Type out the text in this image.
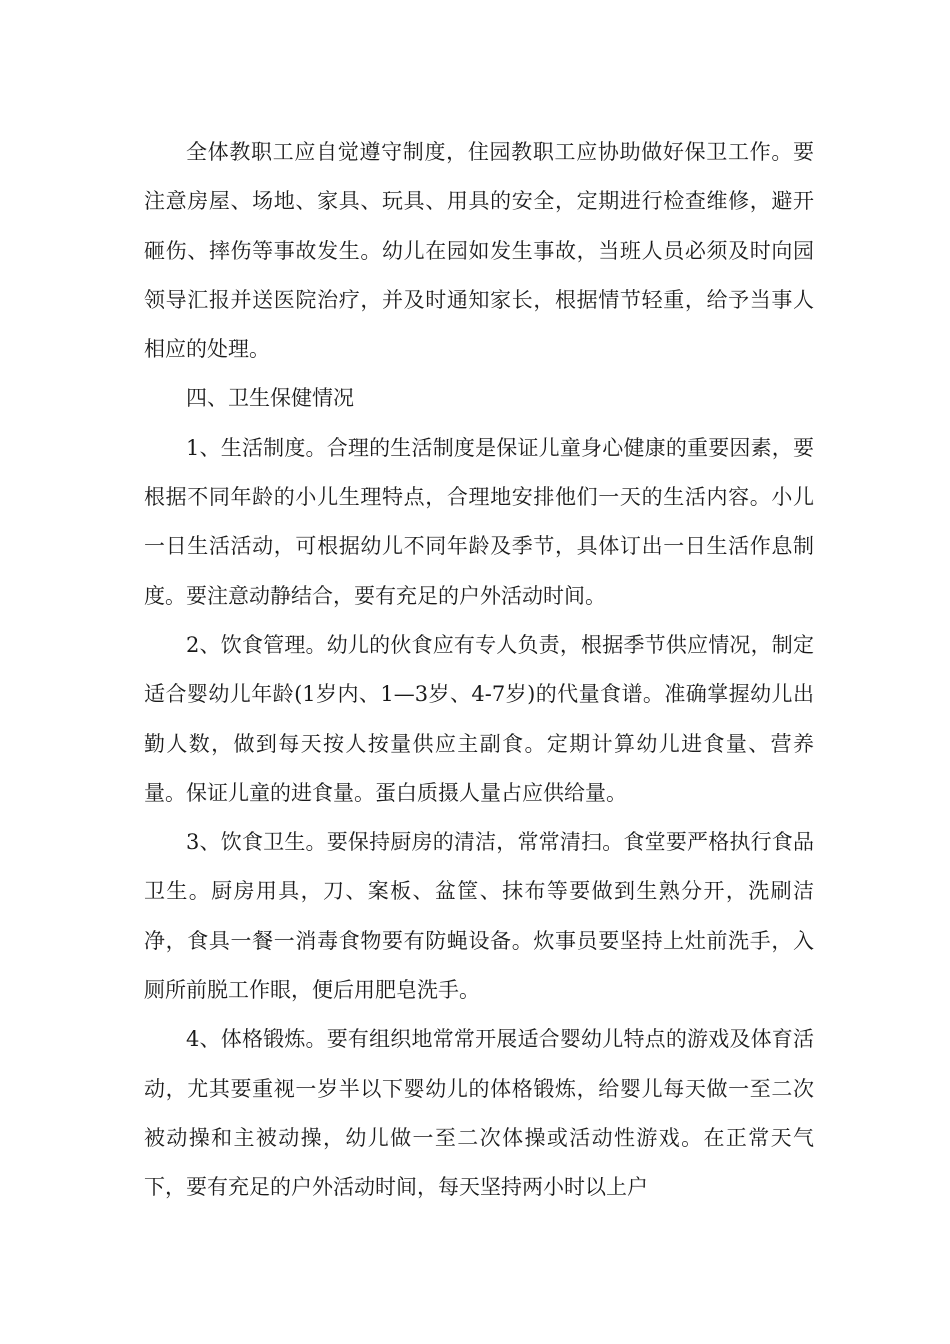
全体教职工应自觉遵守制度，住园教职工应协助做好保卫工作。要注意房屋、场地、家具、玩具、用具的安全，定期进行检查维修，避开砸伤、摔伤等事故发生。幼儿在园如发生事故，当班人员必须及时向园领导汇报并送医院治疗，并及时通知家长，根据情节轻重，给予当事人相应的处理。

四、卫生保健情况

1、生活制度。合理的生活制度是保证儿童身心健康的重要因素，要根据不同年龄的小儿生理特点，合理地安排他们一天的生活内容。小儿一日生活活动，可根据幼儿不同年龄及季节，具体订出一日生活作息制度。要注意动静结合，要有充足的户外活动时间。

2、饮食管理。幼儿的伙食应有专人负责，根据季节供应情况，制定适合婴幼儿年龄(1岁内、1—3岁、4-7岁)的代量食谱。准确掌握幼儿出勤人数，做到每天按人按量供应主副食。定期计算幼儿进食量、营养量。保证儿童的进食量。蛋白质摄人量占应供给量。

3、饮食卫生。要保持厨房的清洁，常常清扫。食堂要严格执行食品卫生。厨房用具，刀、案板、盆筐、抹布等要做到生熟分开，洗刷洁净，食具一餐一消毒食物要有防蝇设备。炊事员要坚持上灶前洗手，入厕所前脱工作眼，便后用肥皂洗手。

4、体格锻炼。要有组织地常常开展适合婴幼儿特点的游戏及体育活动，尤其要重视一岁半以下婴幼儿的体格锻炼，给婴儿每天做一至二次被动操和主被动操，幼儿做一至二次体操或活动性游戏。在正常天气下，要有充足的户外活动时间，每天坚持两小时以上户
